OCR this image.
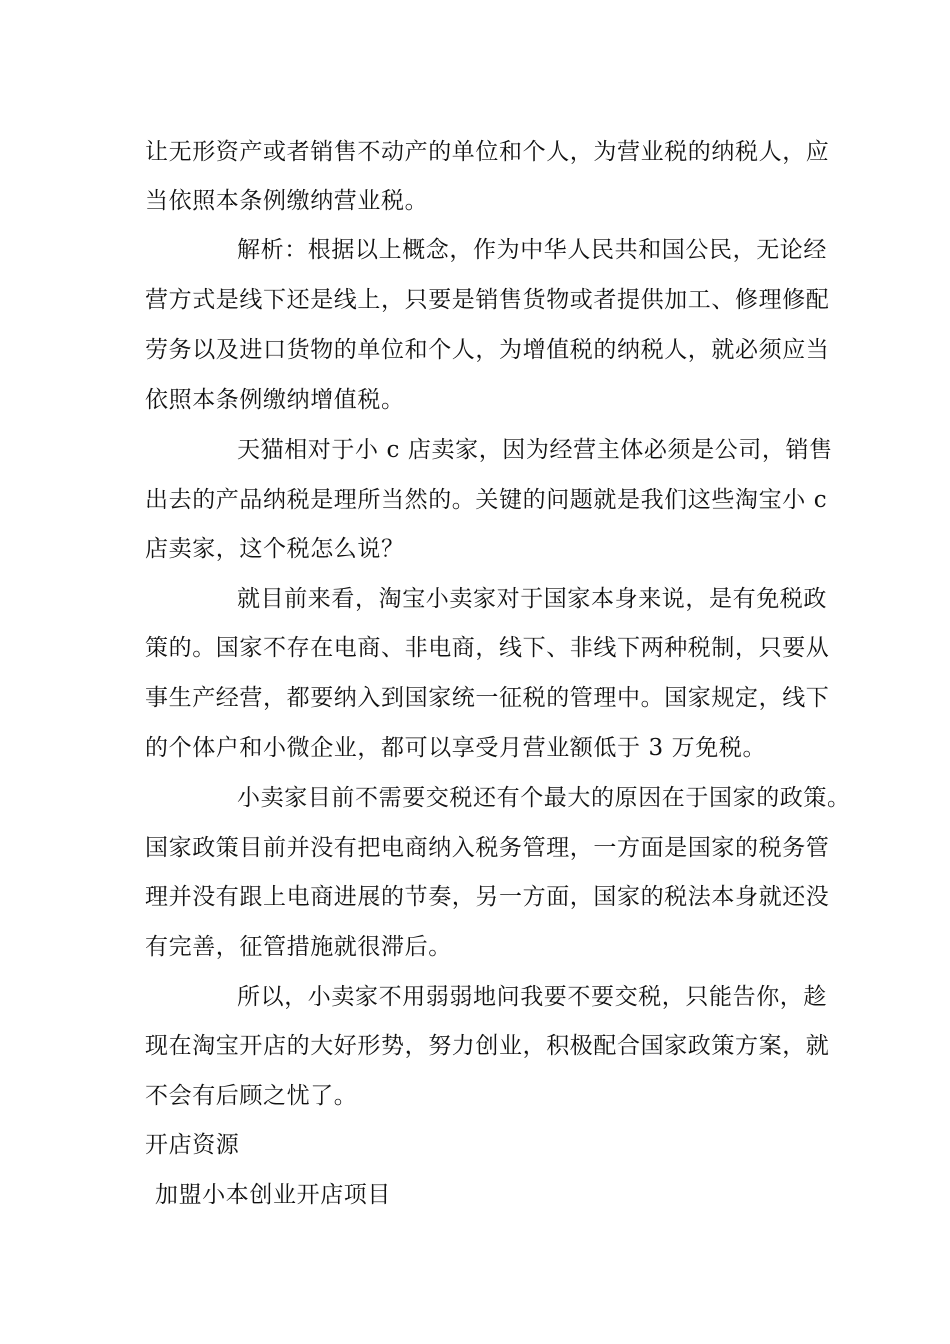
让无形资产或者销售不动产的单位和个人，为营业税的纳税人，应
当依照本条例缴纳营业税。
解析：根据以上概念，作为中华人民共和国公民，无论经
营方式是线下还是线上，只要是销售货物或者提供加工、修理修配
劳务以及进口货物的单位和个人，为增值税的纳税人，就必须应当
依照本条例缴纳增值税。
天猫相对于小 c 店卖家，因为经营主体必须是公司，销售
出去的产品纳税是理所当然的。关键的问题就是我们这些淘宝小 c
店卖家，这个税怎么说？
就目前来看，淘宝小卖家对于国家本身来说，是有免税政
策的。国家不存在电商、非电商，线下、非线下两种税制，只要从
事生产经营，都要纳入到国家统一征税的管理中。国家规定，线下
的个体户和小微企业，都可以享受月营业额低于 3 万免税。
小卖家目前不需要交税还有个最大的原因在于国家的政策。
国家政策目前并没有把电商纳入税务管理，一方面是国家的税务管
理并没有跟上电商进展的节奏，另一方面，国家的税法本身就还没
有完善，征管措施就很滞后。
所以，小卖家不用弱弱地问我要不要交税，只能告你，趁
现在淘宝开店的大好形势，努力创业，积极配合国家政策方案，就
不会有后顾之忧了。
开店资源
加盟小本创业开店项目
